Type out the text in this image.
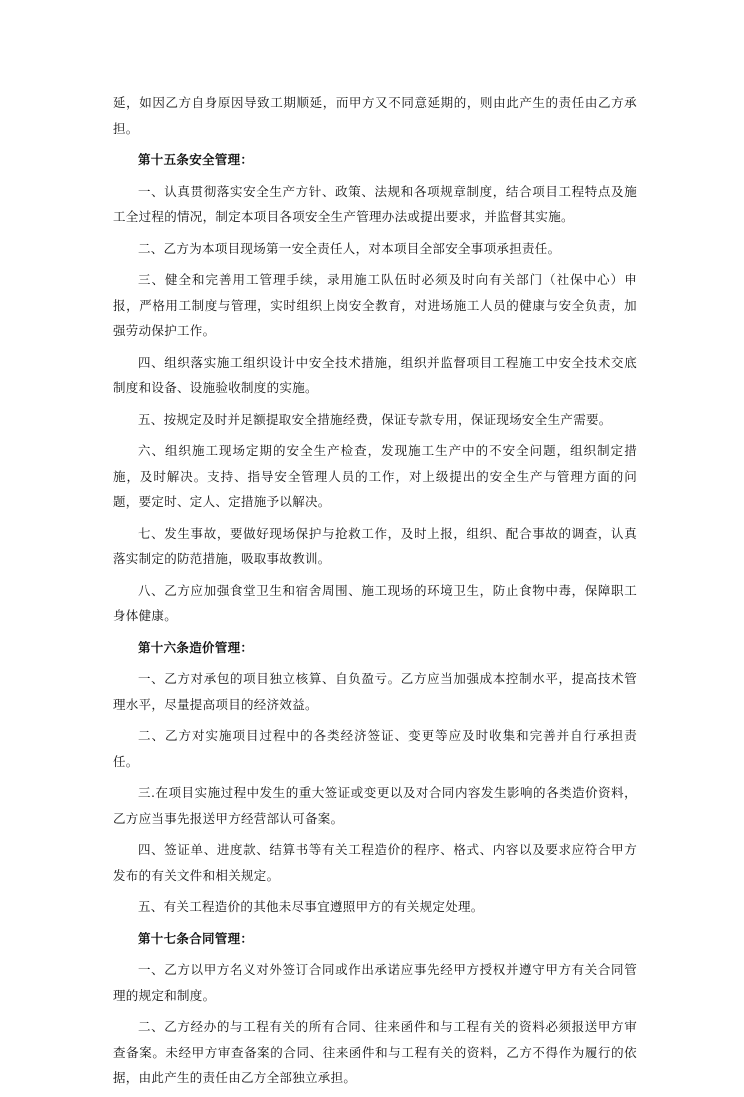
延，如因乙方自身原因导致工期顺延，而甲方又不同意延期的，则由此产生的责任由乙方承担。

第十五条安全管理：

一、认真贯彻落实安全生产方针、政策、法规和各项规章制度，结合项目工程特点及施工全过程的情况，制定本项目各项安全生产管理办法或提出要求，并监督其实施。

二、乙方为本项目现场第一安全责任人，对本项目全部安全事项承担责任。

三、健全和完善用工管理手续，录用施工队伍时必须及时向有关部门（社保中心）申报，严格用工制度与管理，实时组织上岗安全教育，对进场施工人员的健康与安全负责，加强劳动保护工作。

四、组织落实施工组织设计中安全技术措施，组织并监督项目工程施工中安全技术交底制度和设备、设施验收制度的实施。

五、按规定及时并足额提取安全措施经费，保证专款专用，保证现场安全生产需要。

六、组织施工现场定期的安全生产检查，发现施工生产中的不安全问题，组织制定措施，及时解决。支持、指导安全管理人员的工作，对上级提出的安全生产与管理方面的问题，要定时、定人、定措施予以解决。

七、发生事故，要做好现场保护与抢救工作，及时上报，组织、配合事故的调查，认真落实制定的防范措施，吸取事故教训。

八、乙方应加强食堂卫生和宿舍周围、施工现场的环境卫生，防止食物中毒，保障职工身体健康。

第十六条造价管理：

一、乙方对承包的项目独立核算、自负盈亏。乙方应当加强成本控制水平，提高技术管理水平，尽量提高项目的经济效益。

二、乙方对实施项目过程中的各类经济签证、变更等应及时收集和完善并自行承担责任。

三.在项目实施过程中发生的重大签证或变更以及对合同内容发生影响的各类造价资料，乙方应当事先报送甲方经营部认可备案。

四、签证单、进度款、结算书等有关工程造价的程序、格式、内容以及要求应符合甲方发布的有关文件和相关规定。

五、有关工程造价的其他未尽事宜遵照甲方的有关规定处理。

第十七条合同管理：

一、乙方以甲方名义对外签订合同或作出承诺应事先经甲方授权并遵守甲方有关合同管理的规定和制度。

二、乙方经办的与工程有关的所有合同、往来函件和与工程有关的资料必须报送甲方审查备案。未经甲方审查备案的合同、往来函件和与工程有关的资料，乙方不得作为履行的依据，由此产生的责任由乙方全部独立承担。
